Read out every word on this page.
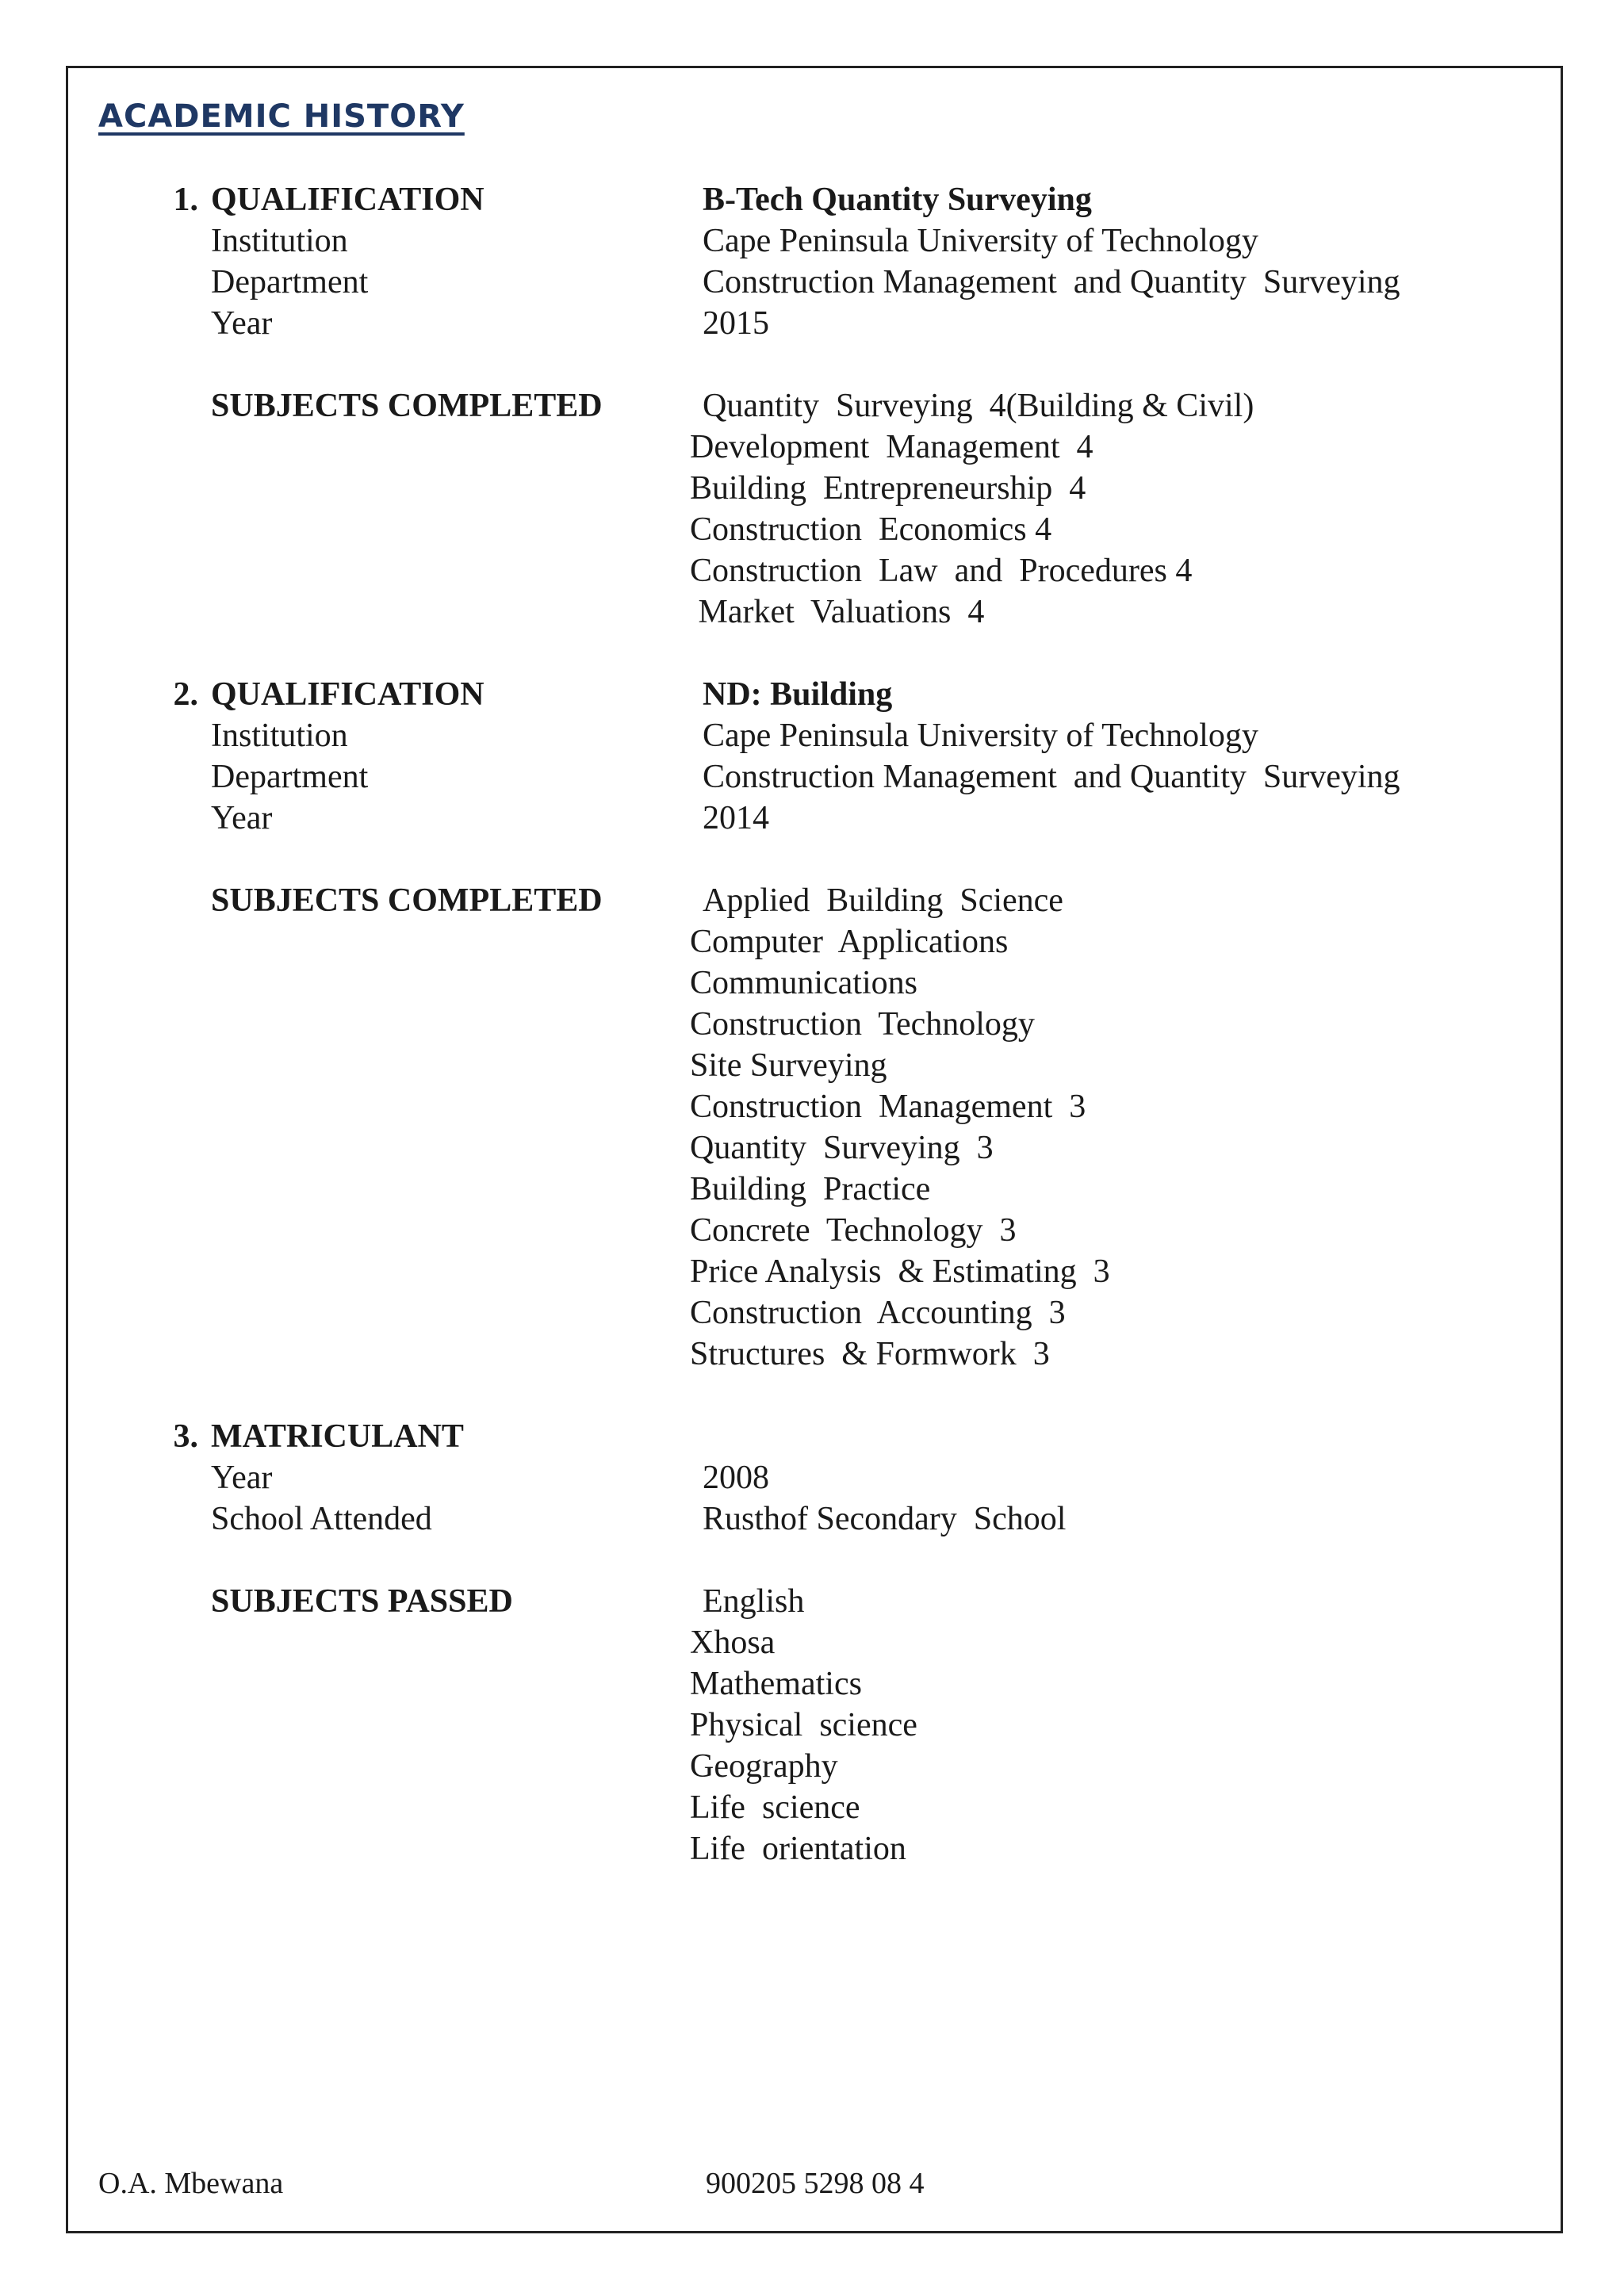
ACADEMIC HISTORY
1. QUALIFICATION	B-Tech Quantity Surveying
Institution	Cape Peninsula University of Technology
Department	Construction Management  and Quantity  Surveying
Year	2015
SUBJECTS COMPLETED	Quantity  Surveying  4(Building & Civil)
Development  Management  4
Building  Entrepreneurship  4
Construction  Economics 4
Construction  Law  and  Procedures 4
Market  Valuations  4
2. QUALIFICATION	ND: Building
Institution	Cape Peninsula University of Technology
Department	Construction Management  and Quantity  Surveying
Year	2014
SUBJECTS COMPLETED	Applied  Building  Science
Computer  Applications
Communications
Construction  Technology
Site Surveying
Construction  Management  3
Quantity  Surveying  3
Building  Practice
Concrete  Technology  3
Price Analysis  & Estimating  3
Construction  Accounting  3
Structures  & Formwork  3
3. MATRICULANT
Year	2008
School Attended	Rusthof Secondary  School
SUBJECTS PASSED	English
Xhosa
Mathematics
Physical  science
Geography
Life  science
Life  orientation
O.A. Mbewana	900205 5298 08 4
